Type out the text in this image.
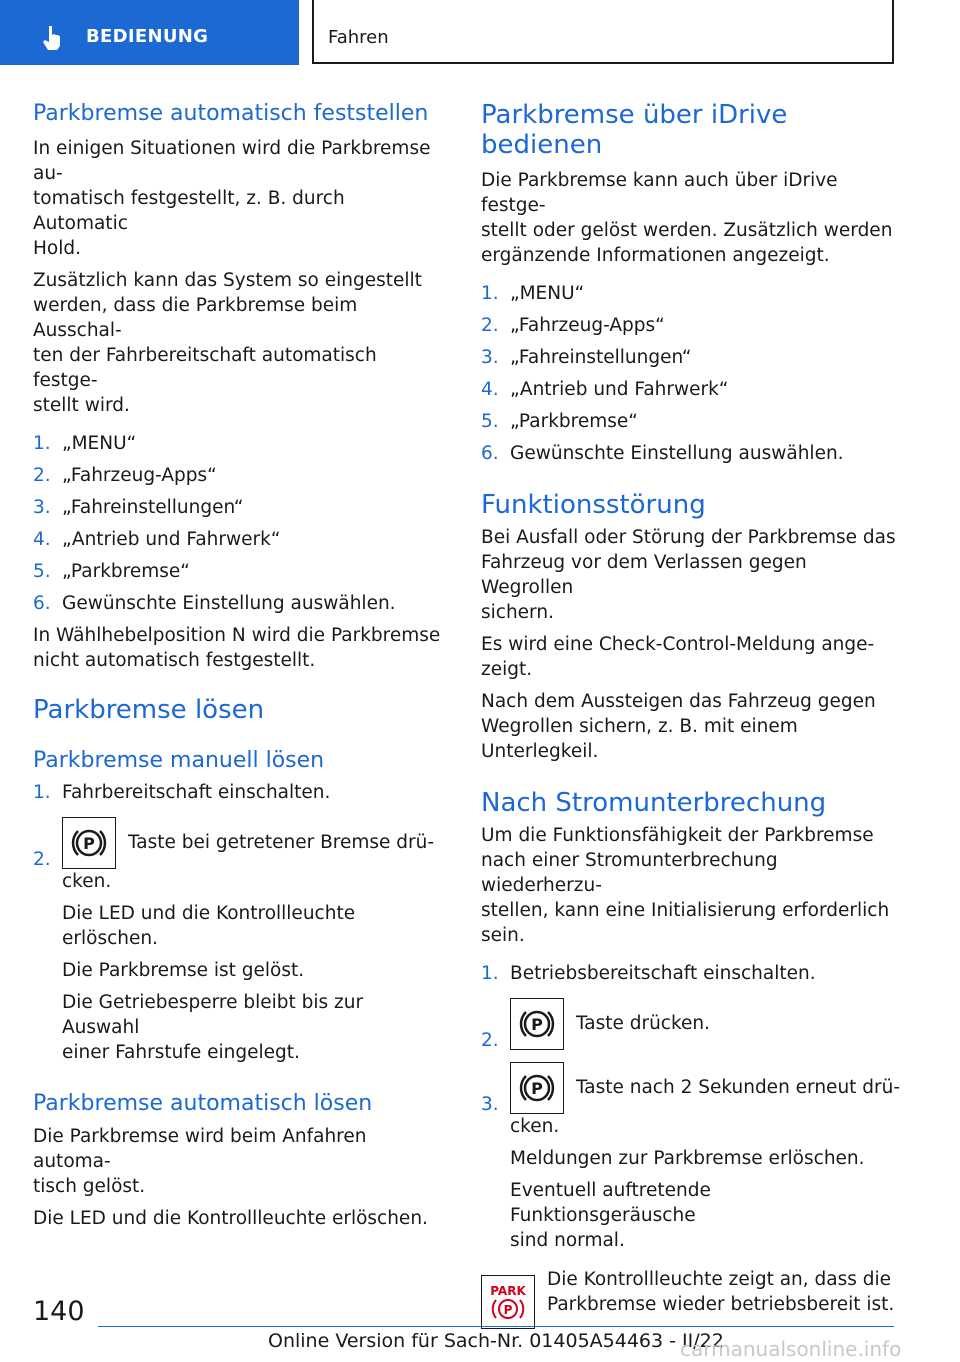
BEDIENUNG	Fahren
Parkbremse automatisch feststellen

In einigen Situationen wird die Parkbremse au-

tomatisch festgestellt, z. B. durch Automatic

Hold.

Zusätzlich kann das System so eingestellt

werden, dass die Parkbremse beim Ausschal-

ten der Fahrbereitschaft automatisch festge-

stellt wird.

1. „MENU“
2. „Fahrzeug-Apps“
3. „Fahreinstellungen“
4. „Antrieb und Fahrwerk“
5. „Parkbremse“
6. Gewünschte Einstellung auswählen.

In Wählhebelposition N wird die Parkbremse

nicht automatisch festgestellt.

Parkbremse lösen
Parkbremse manuell lösen
1. Fahrbereitschaft einschalten.
2.
P Taste bei getretener Bremse drü-
cken.
Die LED und die Kontrollleuchte erlöschen.
Die Parkbremse ist gelöst.
Die Getriebesperre bleibt bis zur Auswahl
einer Fahrstufe eingelegt.
Parkbremse automatisch lösen

Die Parkbremse wird beim Anfahren automa-

tisch gelöst.

Die LED und die Kontrollleuchte erlöschen.

Parkbremse über iDrive bedienen

Die Parkbremse kann auch über iDrive festge-

stellt oder gelöst werden. Zusätzlich werden

ergänzende Informationen angezeigt.

1. „MENU“
2. „Fahrzeug-Apps“
3. „Fahreinstellungen“
4. „Antrieb und Fahrwerk“
5. „Parkbremse“
6. Gewünschte Einstellung auswählen.
Funktionsstörung

Bei Ausfall oder Störung der Parkbremse das

Fahrzeug vor dem Verlassen gegen Wegrollen

sichern.

Es wird eine Check-Control-Meldung ange-

zeigt.

Nach dem Aussteigen das Fahrzeug gegen

Wegrollen sichern, z. B. mit einem Unterlegkeil.

Nach Stromunterbrechung

Um die Funktionsfähigkeit der Parkbremse

nach einer Stromunterbrechung wiederherzu-

stellen, kann eine Initialisierung erforderlich

sein.

1. Betriebsbereitschaft einschalten.
2.
P Taste drücken.
3.
P Taste nach 2 Sekunden erneut drü-
cken.
Meldungen zur Parkbremse erlöschen.
Eventuell auftretende Funktionsgeräusche
sind normal.
PARK
P

Die Kontrollleuchte zeigt an, dass die

Parkbremse wieder betriebsbereit ist.

140
Online Version für Sach-Nr. 01405A54463 - II/22
carmanualsonline.info
